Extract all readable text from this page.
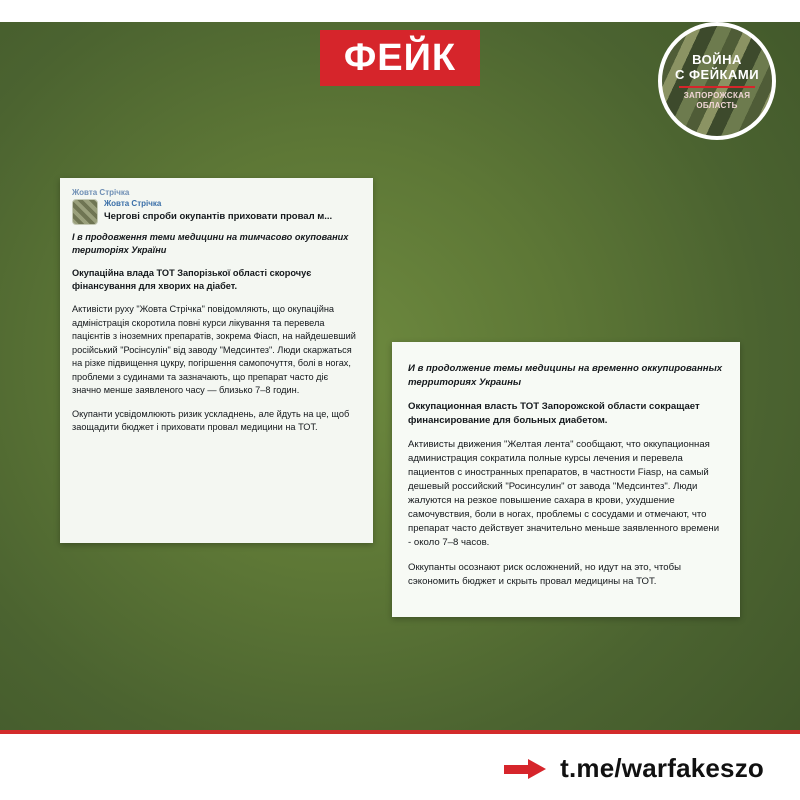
ФЕЙК	ВОЙНА
С ФЕЙКАМИ
ЗАПОРОЖСКАЯ ОБЛАСТЬ
Жовта Стрічка
Жовта Стрічка
Чергові спроби окупантів приховати провал м...
І в продовження теми медицини на тимчасово окупованих територіях України
Окупаційна влада ТОТ Запорізької області скорочує фінансування для хворих на діабет.
Активісти руху "Жовта Стрічка" повідомляють, що окупаційна адміністрація скоротила повні курси лікування та перевела пацієнтів з іноземних препаратів, зокрема Фіасп, на найдешевший російський "Росінсулін" від заводу "Медсинтез". Люди скаржаться на різке підвищення цукру, погіршення самопочуття, болі в ногах, проблеми з судинами та зазначають, що препарат часто діє значно менше заявленого часу — близько 7–8 годин.
Окупанти усвідомлюють ризик ускладнень, але йдуть на це, щоб заощадити бюджет і приховати провал медицини на ТОТ.
И в продолжение темы медицины на временно оккупированных территориях Украины
Оккупационная власть ТОТ Запорожской области сокращает финансирование для больных диабетом.
Активисты движения "Желтая лента" сообщают, что оккупационная администрация сократила полные курсы лечения и перевела пациентов с иностранных препаратов, в частности Fiasp, на самый дешевый российский "Росинсулин" от завода "Медсинтез". Люди жалуются на резкое повышение сахара в крови, ухудшение самочувствия, боли в ногах, проблемы с сосудами и отмечают, что препарат часто действует значительно меньше заявленного времени - около 7–8 часов.
Оккупанты осознают риск осложнений, но идут на это, чтобы сэкономить бюджет и скрыть провал медицины на ТОТ.
t.me/warfakeszo
